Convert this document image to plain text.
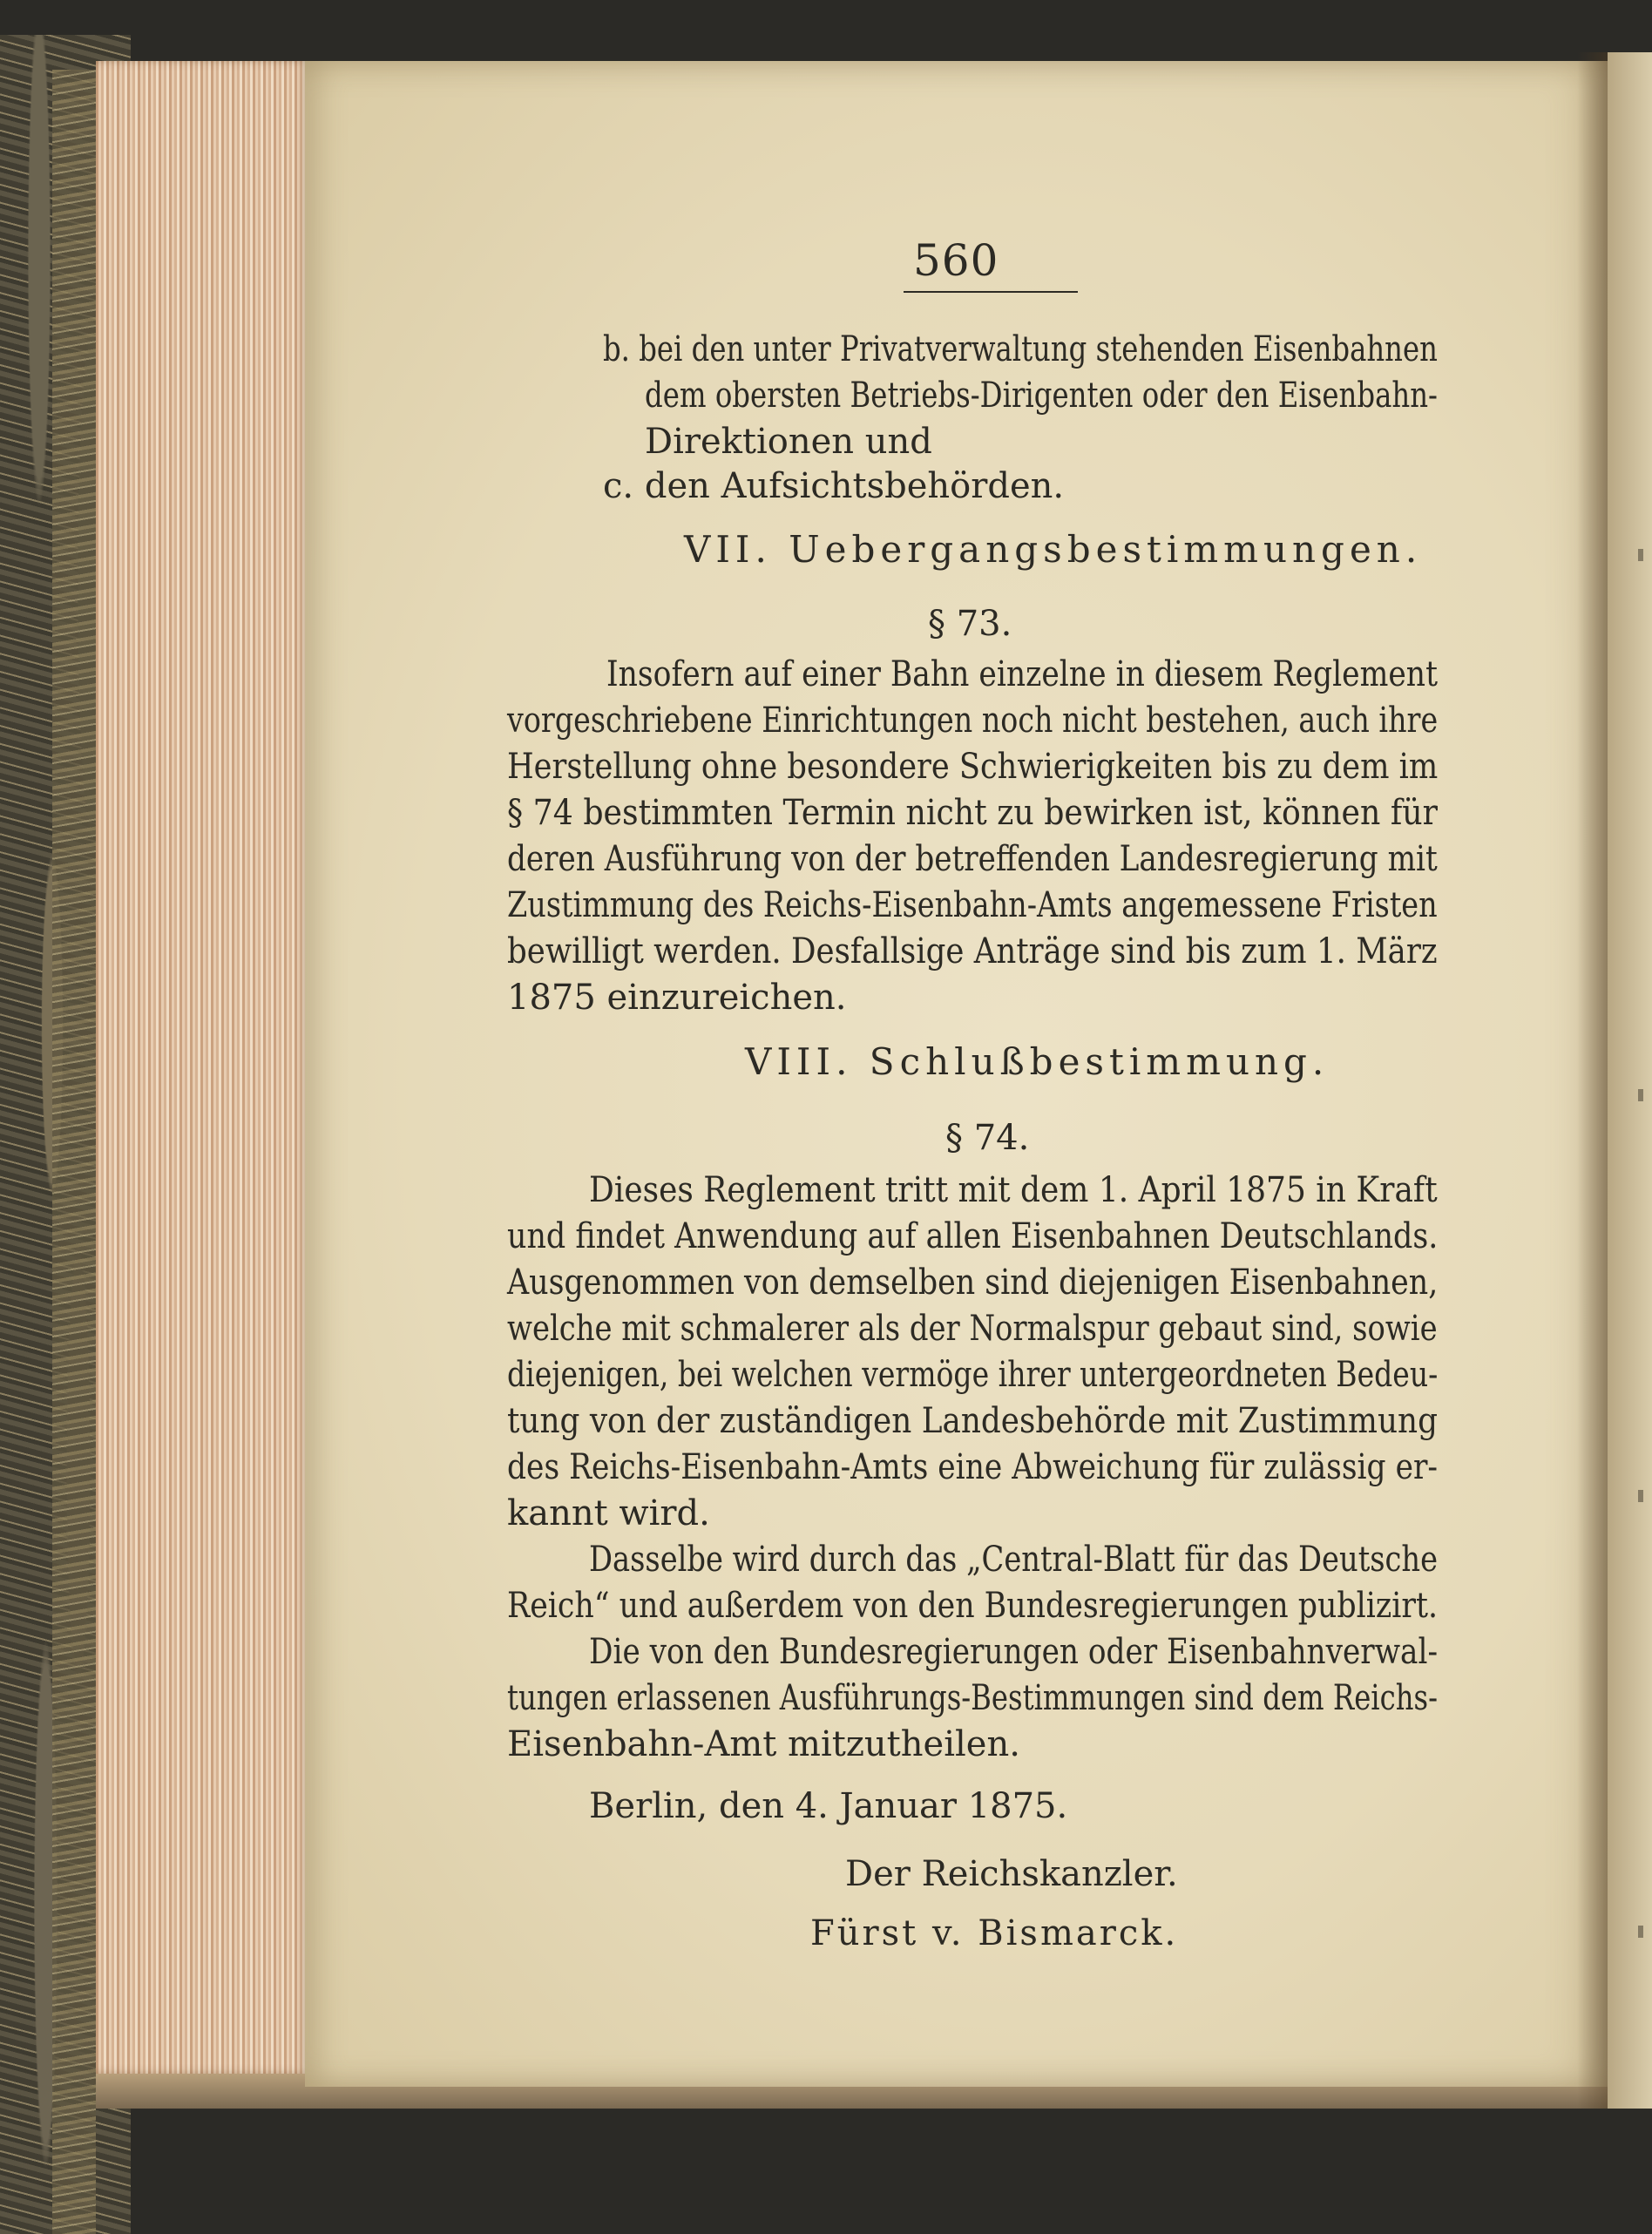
560
b. bei den unter Privatverwaltung stehenden Eisenbahnen
dem obersten Betriebs-Dirigenten oder den Eisenbahn-
Direktionen und
c. den Aufsichtsbehörden.
VII. Uebergangsbestimmungen.
§ 73.
Insofern auf einer Bahn einzelne in diesem Reglement
vorgeschriebene Einrichtungen noch nicht bestehen, auch ihre
Herstellung ohne besondere Schwierigkeiten bis zu dem im
§ 74 bestimmten Termin nicht zu bewirken ist, können für
deren Ausführung von der betreffenden Landesregierung mit
Zustimmung des Reichs-Eisenbahn-Amts angemessene Fristen
bewilligt werden. Desfallsige Anträge sind bis zum 1. März
1875 einzureichen.
VIII. Schlußbestimmung.
§ 74.
Dieses Reglement tritt mit dem 1. April 1875 in Kraft
und findet Anwendung auf allen Eisenbahnen Deutschlands.
Ausgenommen von demselben sind diejenigen Eisenbahnen,
welche mit schmalerer als der Normalspur gebaut sind, sowie
diejenigen, bei welchen vermöge ihrer untergeordneten Bedeu-
tung von der zuständigen Landesbehörde mit Zustimmung
des Reichs-Eisenbahn-Amts eine Abweichung für zulässig er-
kannt wird.
Dasselbe wird durch das „Central-Blatt für das Deutsche
Reich“ und außerdem von den Bundesregierungen publizirt.
Die von den Bundesregierungen oder Eisenbahnverwal-
tungen erlassenen Ausführungs-Bestimmungen sind dem Reichs-
Eisenbahn-Amt mitzutheilen.
Berlin, den 4. Januar 1875.
Der Reichskanzler.
Fürst v. Bismarck.
